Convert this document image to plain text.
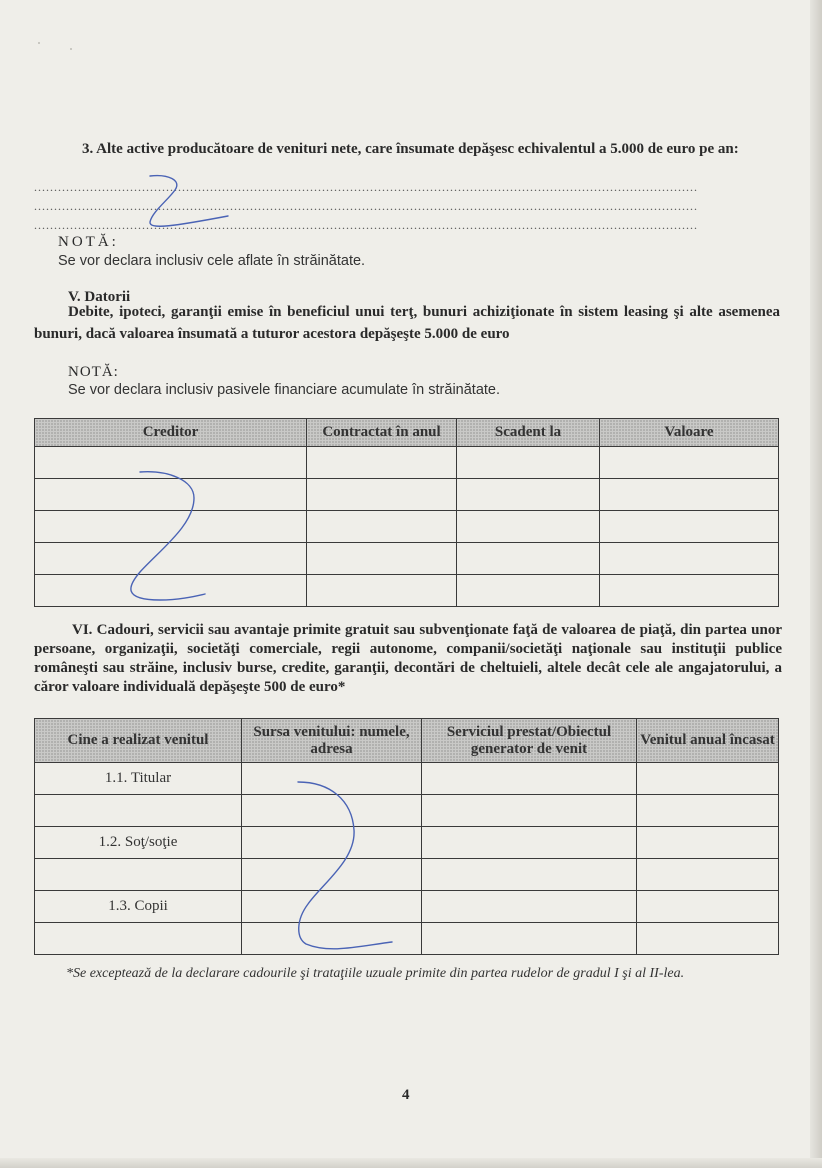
3. Alte active producătoare de venituri nete, care însumate depăşesc echivalentul a 5.000 de euro pe an:
......................................................................................................................................................................
......................................................................................................................................................................
......................................................................................................................................................................
NOTĂ:
Se vor declara inclusiv cele aflate în străinătate.
V. Datorii
Debite, ipoteci, garanţii emise în beneficiul unui terţ, bunuri achiziţionate în sistem leasing şi alte asemenea bunuri, dacă valoarea însumată a tuturor acestora depăşeşte 5.000 de euro
NOTĂ:
Se vor declara inclusiv pasivele financiare acumulate în străinătate.
Creditor	Contractat în anul	Scadent la	Valoare

VI. Cadouri, servicii sau avantaje primite gratuit sau subvenţionate faţă de valoarea de piaţă, din partea unor persoane, organizaţii, societăţi comerciale, regii autonome, companii/societăţi naţionale sau instituţii publice româneşti sau străine, inclusiv burse, credite, garanţii, decontări de cheltuieli, altele decât cele ale angajatorului, a căror valoare individuală depăşeşte 500 de euro*
Cine a realizat venitul	Sursa venitului: numele, adresa	Serviciul prestat/Obiectul generator de venit	Venitul anual încasat
1.1. Titular			

1.2. Soţ/soţie			

1.3. Copii			

*Se exceptează de la declarare cadourile şi trataţiile uzuale primite din partea rudelor de gradul I şi al II-lea.
4
